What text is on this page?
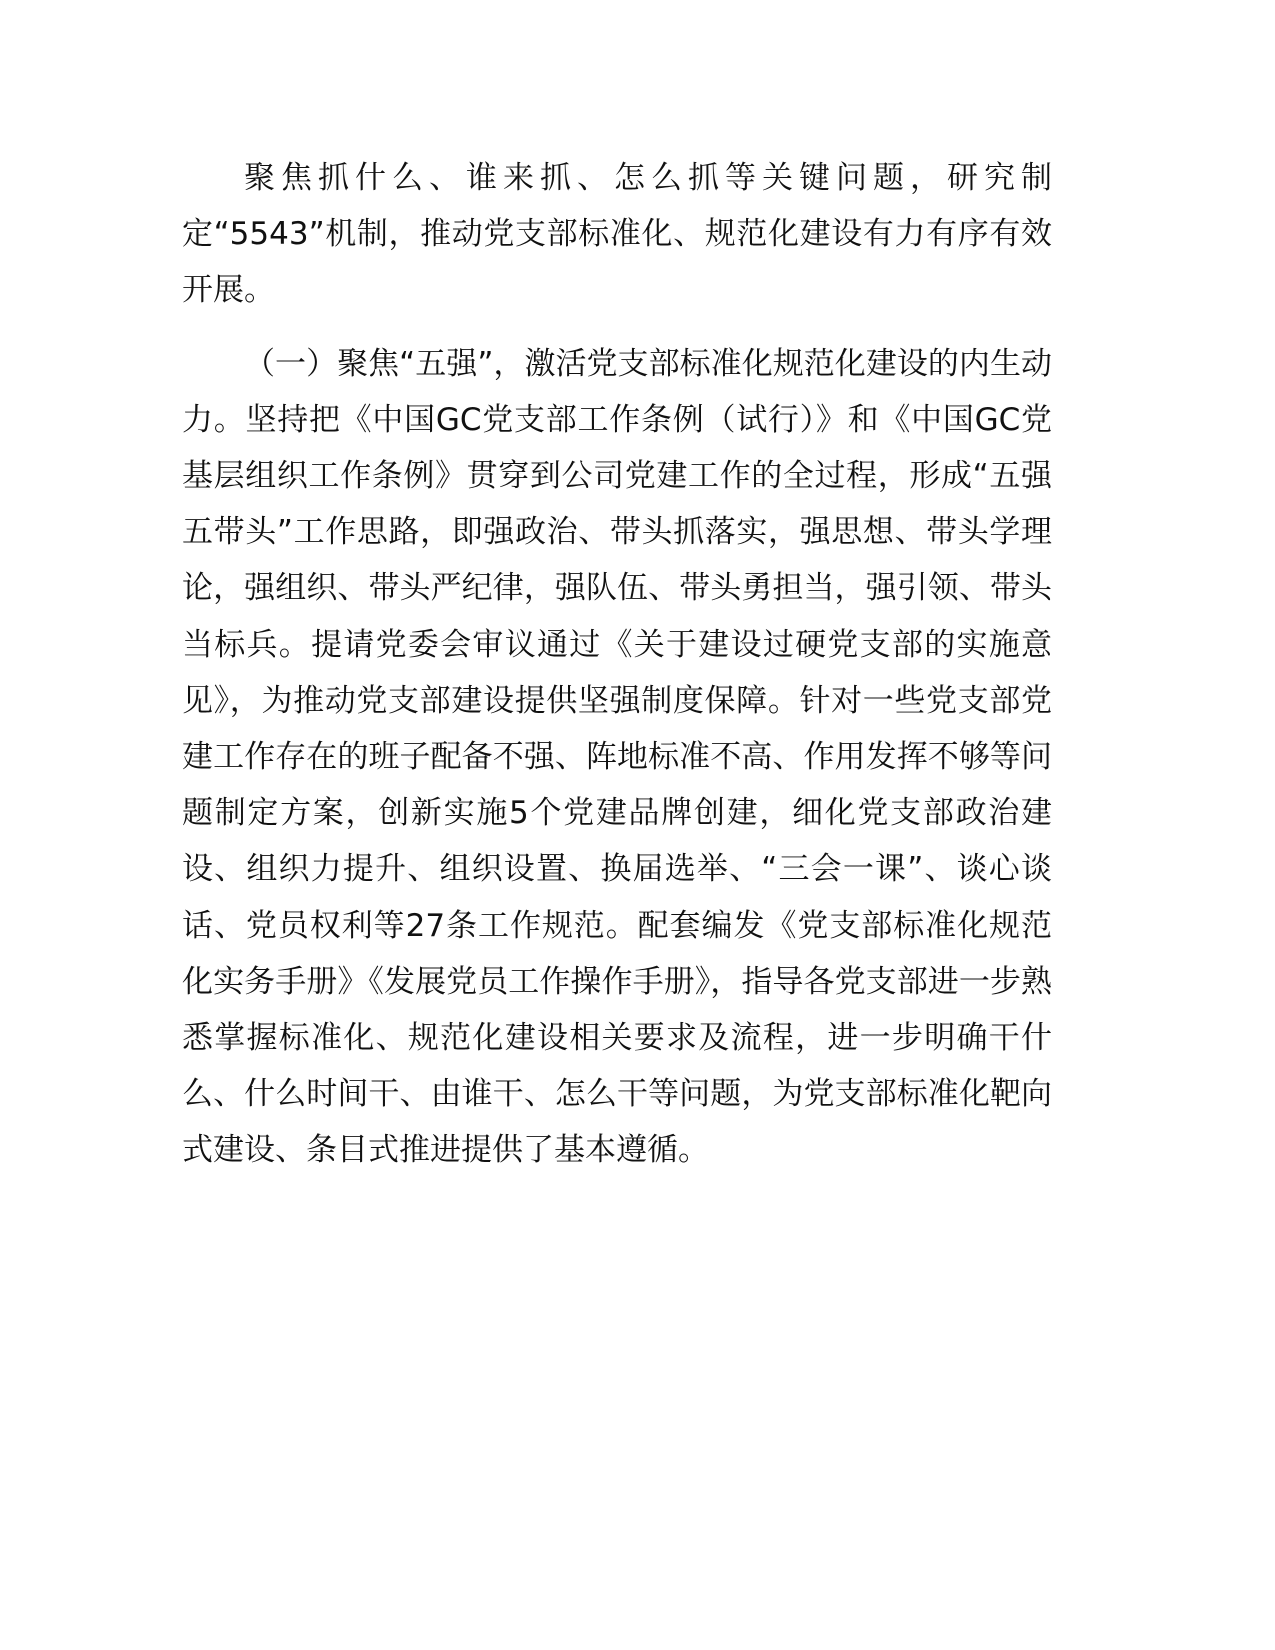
聚焦抓什么、谁来抓、怎么抓等关键问题，研究制定“5543”机制，推动党支部标准化、规范化建设有力有序有效开展。

（一）聚焦“五强”，激活党支部标准化规范化建设的内生动力。坚持把《中国GC党支部工作条例（试行）》和《中国GC党基层组织工作条例》贯穿到公司党建工作的全过程，形成“五强五带头”工作思路，即强政治、带头抓落实，强思想、带头学理论，强组织、带头严纪律，强队伍、带头勇担当，强引领、带头当标兵。提请党委会审议通过《关于建设过硬党支部的实施意见》，为推动党支部建设提供坚强制度保障。针对一些党支部党建工作存在的班子配备不强、阵地标准不高、作用发挥不够等问题制定方案，创新实施5个党建品牌创建，细化党支部政治建设、组织力提升、组织设置、换届选举、“三会一课”、谈心谈话、党员权利等27条工作规范。配套编发《党支部标准化规范化实务手册》《发展党员工作操作手册》，指导各党支部进一步熟悉掌握标准化、规范化建设相关要求及流程，进一步明确干什么、什么时间干、由谁干、怎么干等问题，为党支部标准化靶向式建设、条目式推进提供了基本遵循。
